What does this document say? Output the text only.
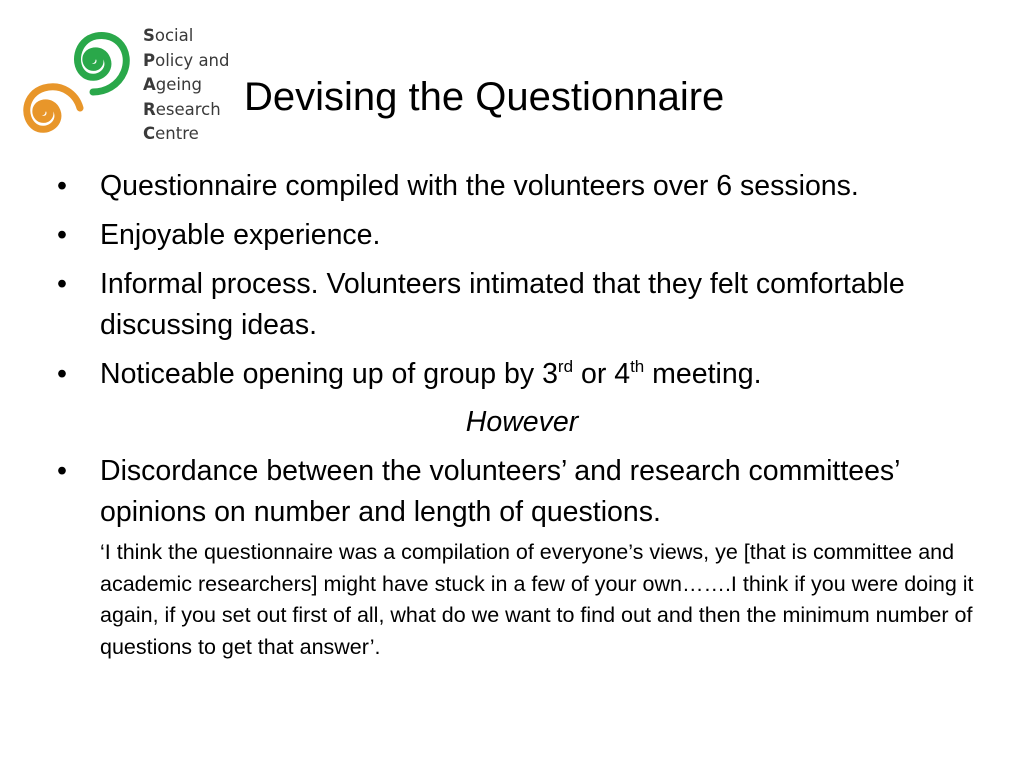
Social
Policy and
Ageing
Research
Centre
Devising the Questionnaire
• Questionnaire compiled with the volunteers over 6 sessions.
• Enjoyable experience.
• Informal process. Volunteers intimated that they felt comfortable discussing ideas.
• Noticeable opening up of group by 3rd or 4th meeting.
However
• Discordance between the volunteers’ and research committees’ opinions on number and length of questions.
‘I think the questionnaire was a compilation of everyone’s views, ye [that is committee and academic researchers] might have stuck in a few of your own…….I think if you were doing it again, if you set out first of all, what do we want to find out and then the minimum number of questions to get that answer’.
